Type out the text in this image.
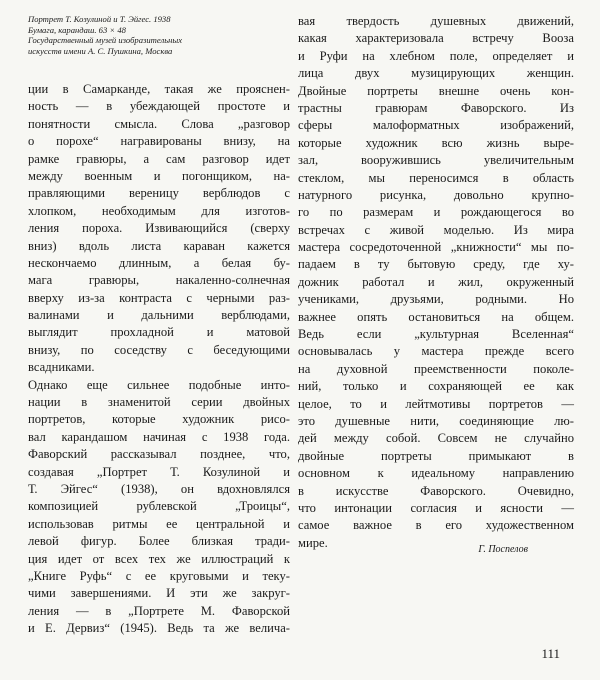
Портрет Т. Козулиной и Т. Эйгес. 1938
Бумага, карандаш. 63 × 48
Государственный музей изобразительных
искусств имени А. С. Пушкина, Москва
ции в Самарканде, такая же прояснен-
ность — в убеждающей простоте и
понятности смысла. Слова „разговор
о порохе“ награвированы внизу, на
рамке гравюры, а сам разговор идет
между военным и погонщиком, на-
правляющими вереницу верблюдов с
хлопком, необходимым для изготов-
ления пороха. Извивающийся (сверху
вниз) вдоль листа караван кажется
нескончаемо длинным, а белая бу-
мага гравюры, накаленно-солнечная
вверху из-за контраста с черными раз-
валинами и дальними верблюдами,
выглядит прохладной и матовой
внизу, по соседству с беседующими
всадниками.
Однако еще сильнее подобные инто-
нации в знаменитой серии двойных
портретов, которые художник рисо-
вал карандашом начиная с 1938 года.
Фаворский рассказывал позднее, что,
создавая „Портрет Т. Козулиной и
Т. Эйгес“ (1938), он вдохновлялся
композицией рублевской „Троицы“,
использовав ритмы ее центральной и
левой фигур. Более близкая тради-
ция идет от всех тех же иллюстраций к
„Книге Руфь“ с ее круговыми и теку-
чими завершениями. И эти же закруг-
ления — в „Портрете М. Фаворской
и Е. Дервиз“ (1945). Ведь та же велича-
вая твердость душевных движений,
какая характеризовала встречу Вооза
и Руфи на хлебном поле, определяет и
лица двух музицирующих женщин.
Двойные портреты внешне очень кон-
трастны гравюрам Фаворского. Из
сферы малоформатных изображений,
которые художник всю жизнь выре-
зал, вооружившись увеличительным
стеклом, мы переносимся в область
натурного рисунка, довольно крупно-
го по размерам и рождающегося во
встречах с живой моделью. Из мира
мастера сосредоточенной „книжности“ мы по-
падаем в ту бытовую среду, где ху-
дожник работал и жил, окруженный
учениками, друзьями, родными. Но
важнее опять остановиться на общем.
Ведь если „культурная Вселенная“
основывалась у мастера прежде всего
на духовной преемственности поколе-
ний, только и сохраняющей ее как
целое, то и лейтмотивы портретов —
это душевные нити, соединяющие лю-
дей между собой. Совсем не случайно
двойные портреты примыкают в
основном к идеальному направлению
в искусстве Фаворского. Очевидно,
что интонации согласия и ясности —
самое важное в его художественном
мире.	Г. Поспелов
111
